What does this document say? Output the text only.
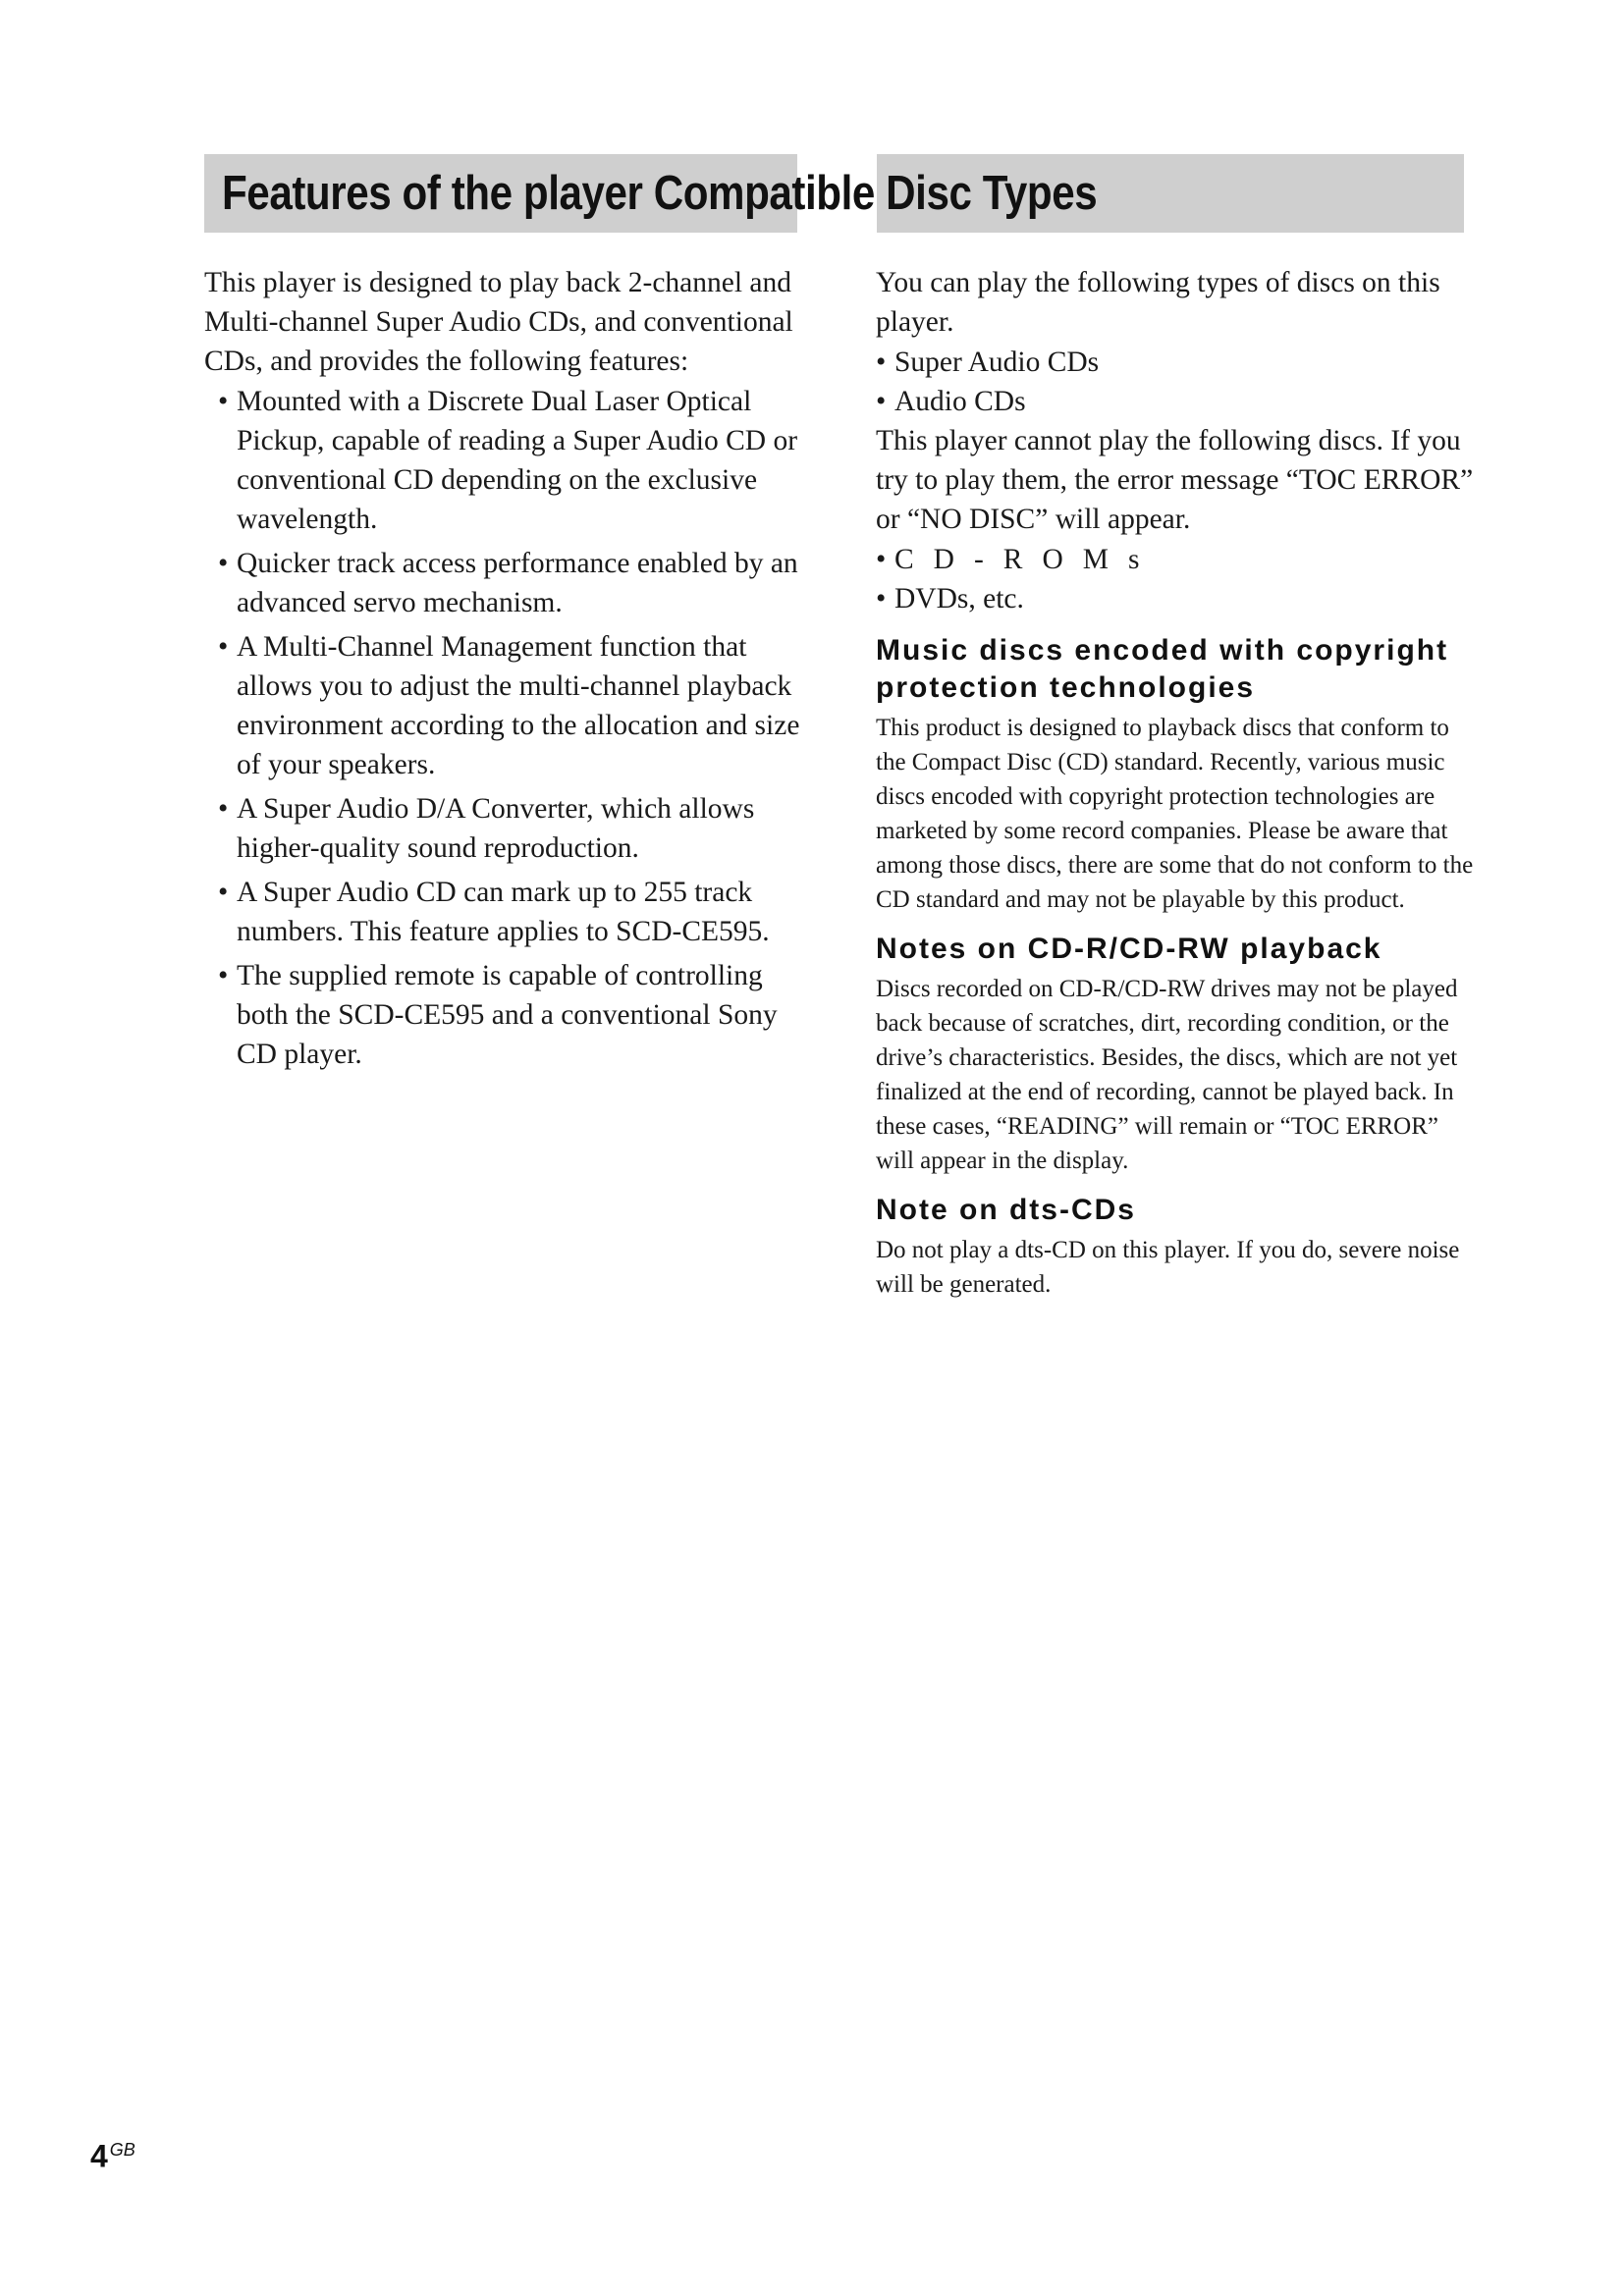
Features of the player Compatible Disc Types

This player is designed to play back 2-channel and Multi-channel Super Audio CDs, and conventional CDs, and provides the following features:

• Mounted with a Discrete Dual Laser Optical Pickup, capable of reading a Super Audio CD or conventional CD depending on the exclusive wavelength.
• Quicker track access performance enabled by an advanced servo mechanism.
• A Multi-Channel Management function that allows you to adjust the multi-channel playback environment according to the allocation and size of your speakers.
• A Super Audio D/A Converter, which allows higher-quality sound reproduction.
• A Super Audio CD can mark up to 255 track numbers. This feature applies to SCD-CE595.
• The supplied remote is capable of controlling both the SCD-CE595 and a conventional Sony CD player.

You can play the following types of discs on this player.

• Super Audio CDs
• Audio CDs

This player cannot play the following discs. If you try to play them, the error message “TOC ERROR” or “NO DISC” will appear.

• CD-ROMs
• DVDs, etc.
Music discs encoded with copyright protection technologies

This product is designed to playback discs that conform to the Compact Disc (CD) standard. Recently, various music discs encoded with copyright protection technologies are marketed by some record companies. Please be aware that among those discs, there are some that do not conform to the CD standard and may not be playable by this product.

Notes on CD-R/CD-RW playback

Discs recorded on CD-R/CD-RW drives may not be played back because of scratches, dirt, recording condition, or the drive’s characteristics. Besides, the discs, which are not yet finalized at the end of recording, cannot be played back. In these cases, “READING” will remain or “TOC ERROR” will appear in the display.

Note on dts-CDs

Do not play a dts-CD on this player. If you do, severe noise will be generated.

4 $^{GB}$
